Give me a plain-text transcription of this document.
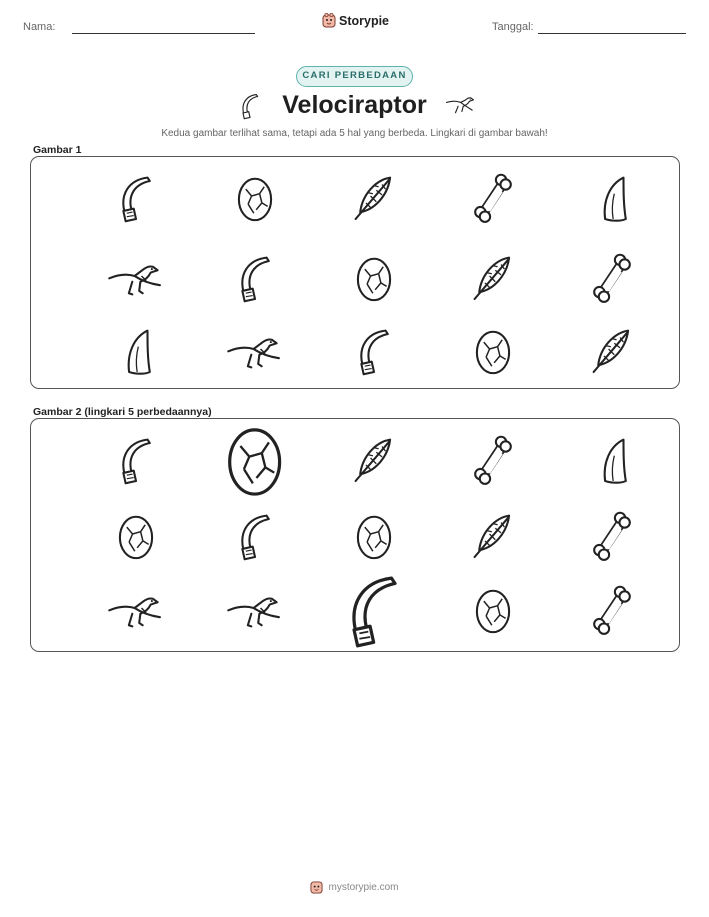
Nama:	Storypie	Tanggal:
CARI PERBEDAAN
Velociraptor
Kedua gambar terlihat sama, tetapi ada 5 hal yang berbeda. Lingkari di gambar bawah!
Gambar 1
Gambar 2 (lingkari 5 perbedaannya)
mystorypie.com
